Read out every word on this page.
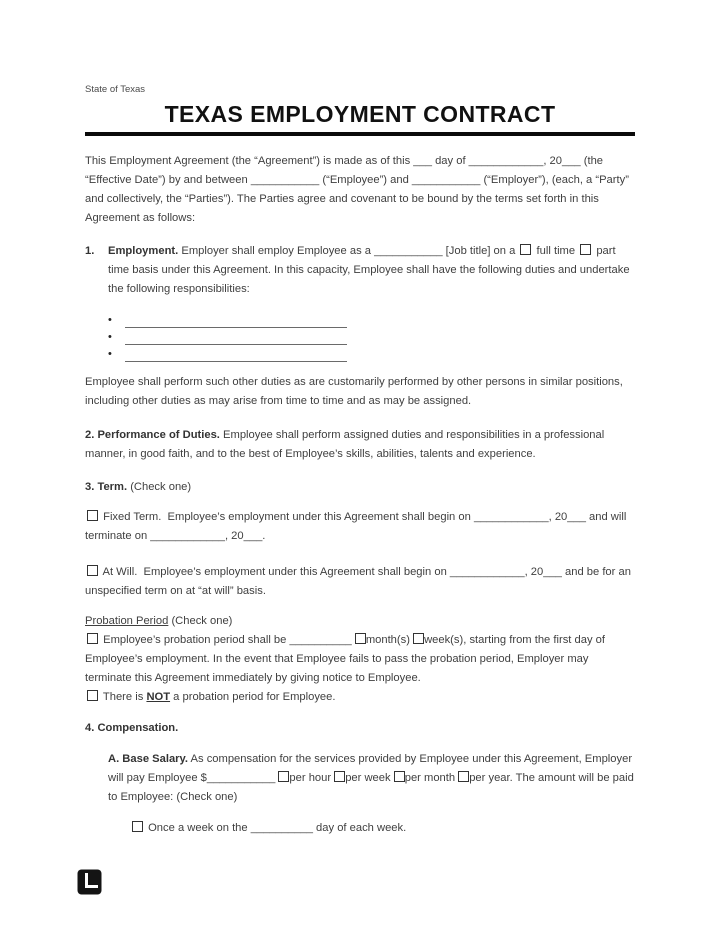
State of Texas

TEXAS EMPLOYMENT CONTRACT

This Employment Agreement (the “Agreement”) is made as of this ___ day of ____________, 20___ (the “Effective Date”) by and between ___________ (“Employee”) and ___________ (“Employer”), (each, a “Party” and collectively, the “Parties”). The Parties agree and covenant to be bound by the terms set forth in this Agreement as follows:

1.	Employment. Employer shall employ Employee as a ___________ [Job title] on a full time part time basis under this Agreement. In this capacity, Employee shall have the following duties and undertake the following responsibilities:

•
•
•

Employee shall perform such other duties as are customarily performed by other persons in similar positions, including other duties as may arise from time to time and as may be assigned.

2. Performance of Duties. Employee shall perform assigned duties and responsibilities in a professional manner, in good faith, and to the best of Employee’s skills, abilities, talents and experience.

3. Term. (Check one)

Fixed Term.  Employee’s employment under this Agreement shall begin on ____________, 20___ and will terminate on ____________, 20___.

At Will.  Employee’s employment under this Agreement shall begin on ____________, 20___ and be for an unspecified term on at “at will” basis.

Probation Period (Check one)

Employee’s probation period shall be __________ month(s) week(s), starting from the first day of Employee’s employment. In the event that Employee fails to pass the probation period, Employer may terminate this Agreement immediately by giving notice to Employee.

There is NOT a probation period for Employee.

4. Compensation.

A. Base Salary. As compensation for the services provided by Employee under this Agreement, Employer will pay Employee $___________ per hour per week per month per year. The amount will be paid to Employee: (Check one)

Once a week on the __________ day of each week.
